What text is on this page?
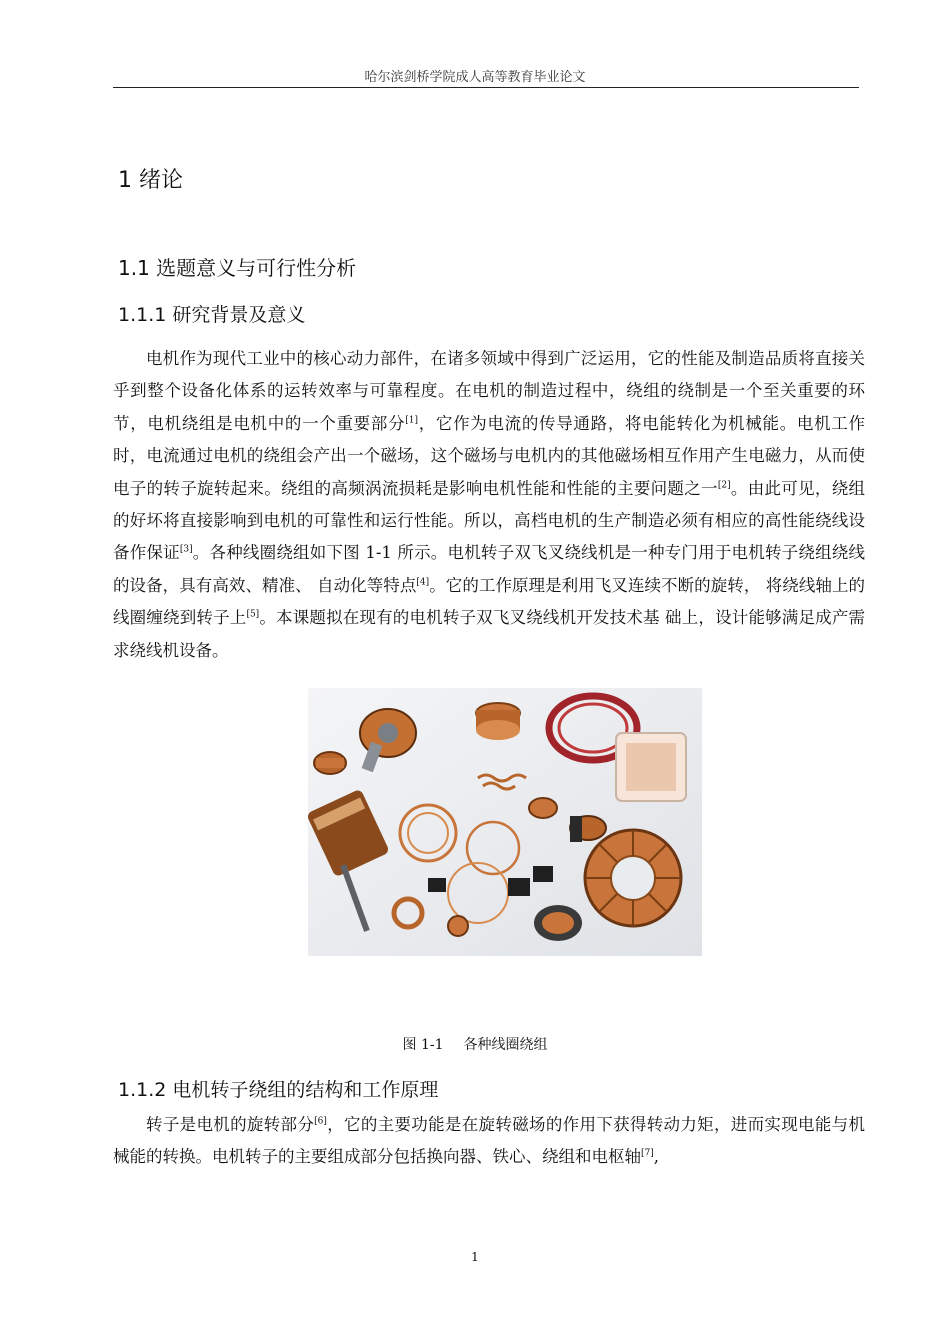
哈尔滨剑桥学院成人高等教育毕业论文
1 绪论
1.1 选题意义与可行性分析
1.1.1 研究背景及意义
电机作为现代工业中的核心动力部件，在诸多领域中得到广泛运用，它的性能及制造品质将直接关乎到整个设备化体系的运转效率与可靠程度。在电机的制造过程中，绕组的绕制是一个至关重要的环节，电机绕组是电机中的一个重要部分[1]，它作为电流的传导通路，将电能转化为机械能。电机工作时，电流通过电机的绕组会产出一个磁场，这个磁场与电机内的其他磁场相互作用产生电磁力，从而使电子的转子旋转起来。绕组的高频涡流损耗是影响电机性能和性能的主要问题之一[2]。由此可见，绕组的好坏将直接影响到电机的可靠性和运行性能。所以，高档电机的生产制造必须有相应的高性能绕线设备作保证[3]。各种线圈绕组如下图 1-1 所示。电机转子双飞叉绕线机是一种专门用于电机转子绕组绕线的设备，具有高效、精准、 自动化等特点[4]。它的工作原理是利用飞叉连续不断的旋转， 将绕线轴上的线圈缠绕到转子上[5]。本课题拟在现有的电机转子双飞叉绕线机开发技术基 础上，设计能够满足成产需求绕线机设备。
图 1-1 各种线圈绕组
1.1.2 电机转子绕组的结构和工作原理
转子是电机的旋转部分[6]，它的主要功能是在旋转磁场的作用下获得转动力矩，进而实现电能与机械能的转换。电机转子的主要组成部分包括换向器、铁心、绕组和电枢轴[7],
1
